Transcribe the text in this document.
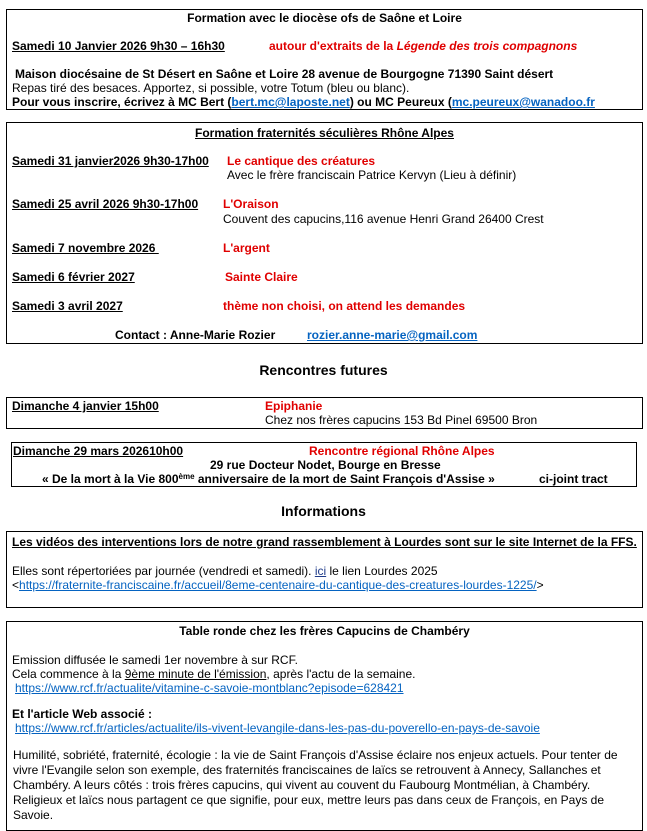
Formation avec le diocèse ofs de Saône et Loire
Samedi 10 Janvier 2026 9h30 – 16h30	autour d'extraits de la Légende des trois compagnons
Maison diocésaine de St Désert en Saône et Loire 28 avenue de Bourgogne 71390 Saint désert
Repas tiré des besaces. Apportez, si possible, votre Totum (bleu ou blanc).
Pour vous inscrire, écrivez à MC Bert (bert.mc@laposte.net) ou MC Peureux (mc.peureux@wanadoo.fr
Formation fraternités séculières Rhône Alpes
Samedi 31 janvier2026 9h30-17h00 Le cantique des créatures
Avec le frère franciscain Patrice Kervyn (Lieu à définir)
Samedi 25 avril 2026 9h30-17h00 L'Oraison
Couvent des capucins,116 avenue Henri Grand 26400 Crest
Samedi 7 novembre 2026	L'argent
Samedi 6 février 2027	Sainte Claire
Samedi 3 avril 2027	thème non choisi, on attend les demandes
Contact : Anne-Marie Rozier	rozier.anne-marie@gmail.com
Rencontres futures
Dimanche 4 janvier 15h00	Epiphanie
Chez nos frères capucins 153 Bd Pinel 69500 Bron
Dimanche 29 mars 202610h00	Rencontre régional Rhône Alpes
29 rue Docteur Nodet, Bourge en Bresse
« De la mort à la Vie 800ème anniversaire de la mort de Saint François d'Assise »	ci-joint tract
Informations
Les vidéos des interventions lors de notre grand rassemblement à Lourdes sont sur le site Internet de la FFS.
Elles sont répertoriées par journée (vendredi et samedi). ici le lien Lourdes 2025
<https://fraternite-franciscaine.fr/accueil/8eme-centenaire-du-cantique-des-creatures-lourdes-1225/>
Table ronde chez les frères Capucins de Chambéry
Emission diffusée le samedi 1er novembre à sur RCF.
Cela commence à la 9ème minute de l'émission, après l'actu de la semaine.
https://www.rcf.fr/actualite/vitamine-c-savoie-montblanc?episode=628421
Et l'article Web associé :
https://www.rcf.fr/articles/actualite/ils-vivent-levangile-dans-les-pas-du-poverello-en-pays-de-savoie
Humilité, sobriété, fraternité, écologie : la vie de Saint François d'Assise éclaire nos enjeux actuels. Pour tenter de vivre l'Evangile selon son exemple, des fraternités franciscaines de laïcs se retrouvent à Annecy, Sallanches et Chambéry. A leurs côtés : trois frères capucins, qui vivent au couvent du Faubourg Montmélian, à Chambéry. Religieux et laïcs nous partagent ce que signifie, pour eux, mettre leurs pas dans ceux de François, en Pays de Savoie.
